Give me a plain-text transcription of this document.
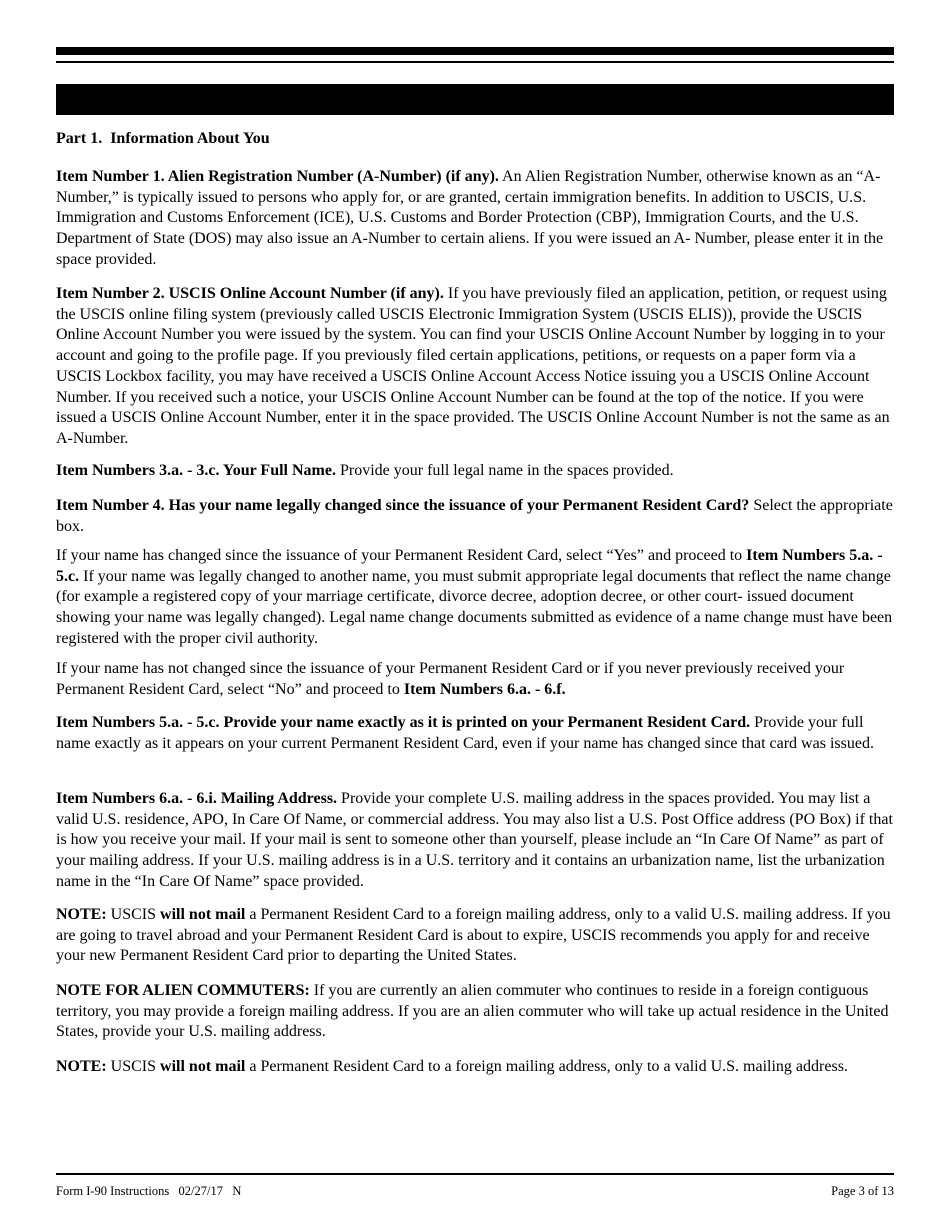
Part 1.  Information About You

Item Number 1. Alien Registration Number (A-Number) (if any). An Alien Registration Number, otherwise known as an “A-Number,” is typically issued to persons who apply for, or are granted, certain immigration benefits. In addition to USCIS, U.S. Immigration and Customs Enforcement (ICE), U.S. Customs and Border Protection (CBP), Immigration Courts, and the U.S. Department of State (DOS) may also issue an A-Number to certain aliens. If you were issued an A- Number, please enter it in the space provided.

Item Number 2. USCIS Online Account Number (if any). If you have previously filed an application, petition, or request using the USCIS online filing system (previously called USCIS Electronic Immigration System (USCIS ELIS)), provide the USCIS Online Account Number you were issued by the system. You can find your USCIS Online Account Number by logging in to your account and going to the profile page. If you previously filed certain applications, petitions, or requests on a paper form via a USCIS Lockbox facility, you may have received a USCIS Online Account Access Notice issuing you a USCIS Online Account Number. If you received such a notice, your USCIS Online Account Number can be found at the top of the notice. If you were issued a USCIS Online Account Number, enter it in the space provided. The USCIS Online Account Number is not the same as an A-Number.

Item Numbers 3.a. - 3.c. Your Full Name. Provide your full legal name in the spaces provided.

Item Number 4. Has your name legally changed since the issuance of your Permanent Resident Card? Select the appropriate box.

If your name has changed since the issuance of your Permanent Resident Card, select “Yes” and proceed to Item Numbers 5.a. - 5.c. If your name was legally changed to another name, you must submit appropriate legal documents that reflect the name change (for example a registered copy of your marriage certificate, divorce decree, adoption decree, or other court- issued document showing your name was legally changed). Legal name change documents submitted as evidence of a name change must have been registered with the proper civil authority.

If your name has not changed since the issuance of your Permanent Resident Card or if you never previously received your Permanent Resident Card, select “No” and proceed to Item Numbers 6.a. - 6.f.

Item Numbers 5.a. - 5.c. Provide your name exactly as it is printed on your Permanent Resident Card. Provide your full name exactly as it appears on your current Permanent Resident Card, even if your name has changed since that card was issued.

Item Numbers 6.a. - 6.i. Mailing Address. Provide your complete U.S. mailing address in the spaces provided. You may list a valid U.S. residence, APO, In Care Of Name, or commercial address. You may also list a U.S. Post Office address (PO Box) if that is how you receive your mail. If your mail is sent to someone other than yourself, please include an “In Care Of Name” as part of your mailing address. If your U.S. mailing address is in a U.S. territory and it contains an urbanization name, list the urbanization name in the “In Care Of Name” space provided.

NOTE: USCIS will not mail a Permanent Resident Card to a foreign mailing address, only to a valid U.S. mailing address. If you are going to travel abroad and your Permanent Resident Card is about to expire, USCIS recommends you apply for and receive your new Permanent Resident Card prior to departing the United States.

NOTE FOR ALIEN COMMUTERS: If you are currently an alien commuter who continues to reside in a foreign contiguous territory, you may provide a foreign mailing address. If you are an alien commuter who will take up actual residence in the United States, provide your U.S. mailing address.

NOTE: USCIS will not mail a Permanent Resident Card to a foreign mailing address, only to a valid U.S. mailing address.

Form I-90 Instructions   02/27/17   N	Page 3 of 13
